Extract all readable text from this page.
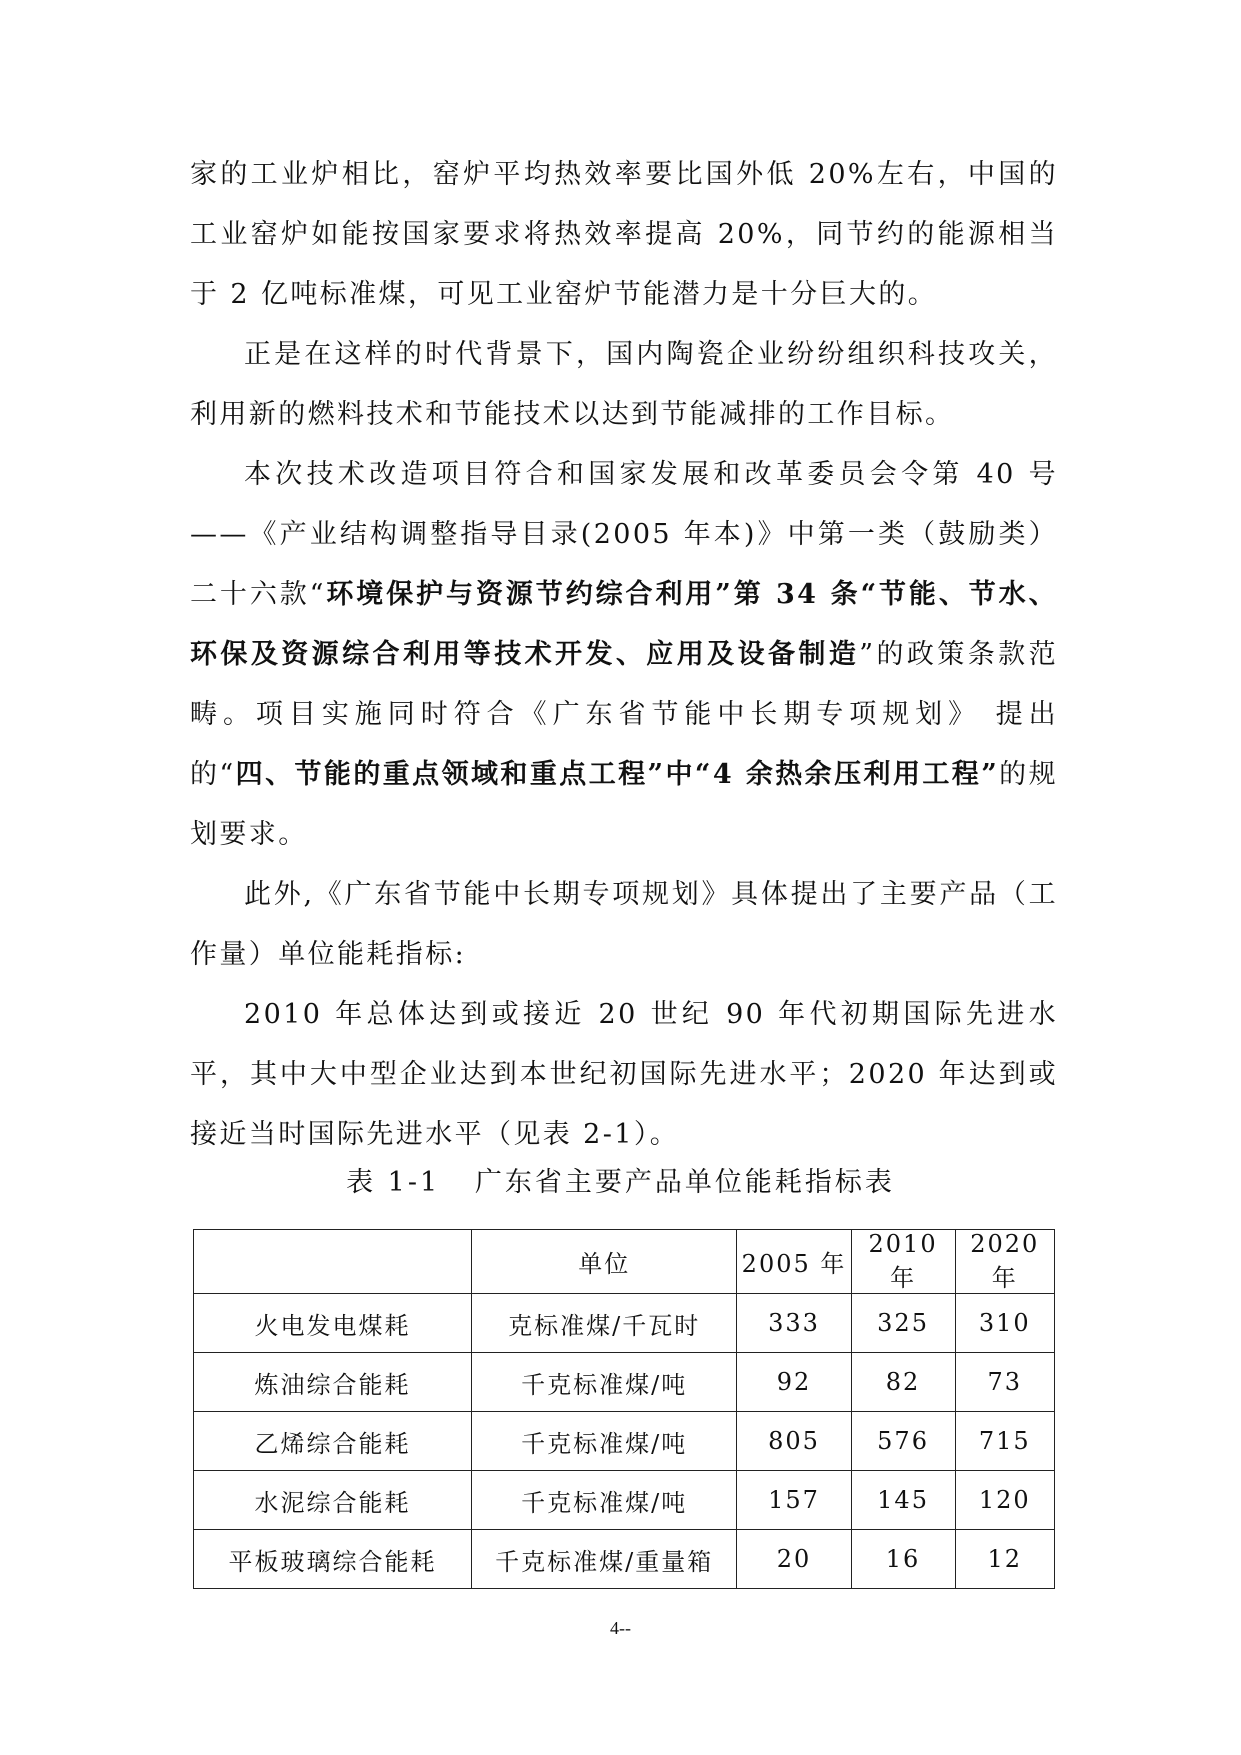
家的工业炉相比，窑炉平均热效率要比国外低 20%左右，中国的工业窑炉如能按国家要求将热效率提高 20%，同节约的能源相当于 2 亿吨标准煤，可见工业窑炉节能潜力是十分巨大的。

正是在这样的时代背景下，国内陶瓷企业纷纷组织科技攻关，利用新的燃料技术和节能技术以达到节能减排的工作目标。

本次技术改造项目符合和国家发展和改革委员会令第 40 号——《产业结构调整指导目录(2005 年本)》中第一类（鼓励类）二十六款“环境保护与资源节约综合利用”第 34 条“节能、节水、环保及资源综合利用等技术开发、应用及设备制造”的政策条款范畴。项目实施同时符合《广东省节能中长期专项规划》 提出的“四、节能的重点领域和重点工程”中“4 余热余压利用工程”的规划要求。

此外,《广东省节能中长期专项规划》具体提出了主要产品（工作量）单位能耗指标:

2010 年总体达到或接近 20 世纪 90 年代初期国际先进水平，其中大中型企业达到本世纪初国际先进水平；2020 年达到或接近当时国际先进水平（见表 2-1）。

表 1-1   广东省主要产品单位能耗指标表
	单位	2005 年	2010 年	2020 年
火电发电煤耗	克标准煤/千瓦时	333	325	310
炼油综合能耗	千克标准煤/吨	92	82	73
乙烯综合能耗	千克标准煤/吨	805	576	715
水泥综合能耗	千克标准煤/吨	157	145	120
平板玻璃综合能耗	千克标准煤/重量箱	20	16	12
4--
